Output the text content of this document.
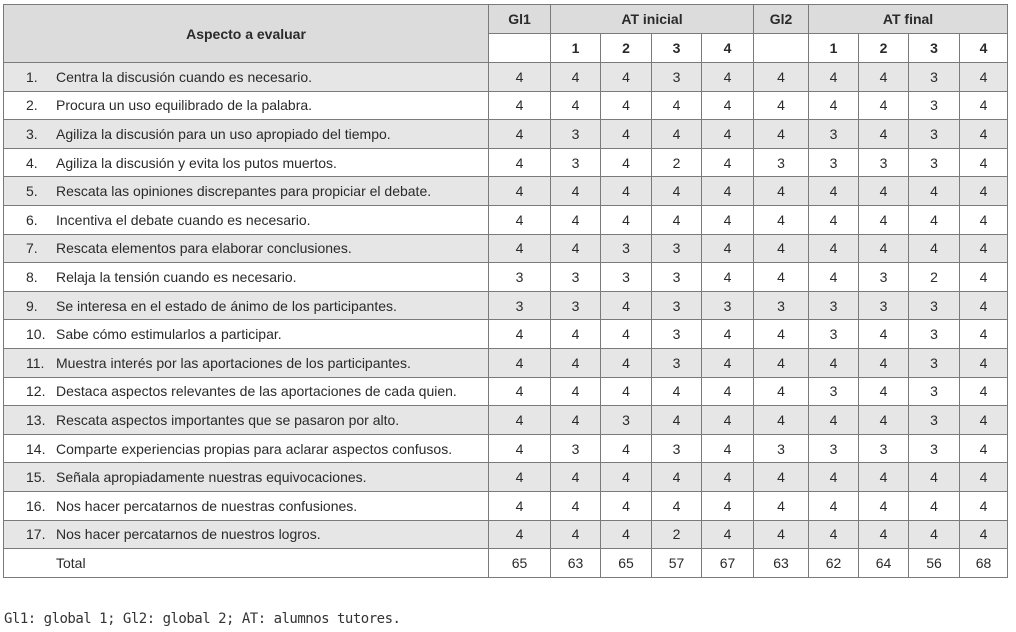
Aspecto a evaluar	Gl1	AT inicial				Gl2	AT final			
		1	2	3	4		1	2	3	4
1. Centra la discusión cuando es necesario.	4	4	4	3	4	4	4	4	3	4
2. Procura un uso equilibrado de la palabra.	4	4	4	4	4	4	4	4	3	4
3. Agiliza la discusión para un uso apropiado del tiempo.	4	3	4	4	4	4	3	4	3	4
4. Agiliza la discusión y evita los putos muertos.	4	3	4	2	4	3	3	3	3	4
5. Rescata las opiniones discrepantes para propiciar el debate.	4	4	4	4	4	4	4	4	4	4
6. Incentiva el debate cuando es necesario.	4	4	4	4	4	4	4	4	4	4
7. Rescata elementos para elaborar conclusiones.	4	4	3	3	4	4	4	4	4	4
8. Relaja la tensión cuando es necesario.	3	3	3	3	4	4	4	3	2	4
9. Se interesa en el estado de ánimo de los participantes.	3	3	4	3	3	3	3	3	3	4
10. Sabe cómo estimularlos a participar.	4	4	4	3	4	4	3	4	3	4
11. Muestra interés por las aportaciones de los participantes.	4	4	4	3	4	4	4	4	3	4
12. Destaca aspectos relevantes de las aportaciones de cada quien.	4	4	4	4	4	4	3	4	3	4
13. Rescata aspectos importantes que se pasaron por alto.	4	4	3	4	4	4	4	4	3	4
14. Comparte experiencias propias para aclarar aspectos confusos.	4	3	4	3	4	3	3	3	3	4
15. Señala apropiadamente nuestras equivocaciones.	4	4	4	4	4	4	4	4	4	4
16. Nos hacer percatarnos de nuestras confusiones.	4	4	4	4	4	4	4	4	4	4
17. Nos hacer percatarnos de nuestros logros.	4	4	4	2	4	4	4	4	4	4
Total	65	63	65	57	67	63	62	64	56	68
Gl1: global 1; Gl2: global 2; AT: alumnos tutores.
